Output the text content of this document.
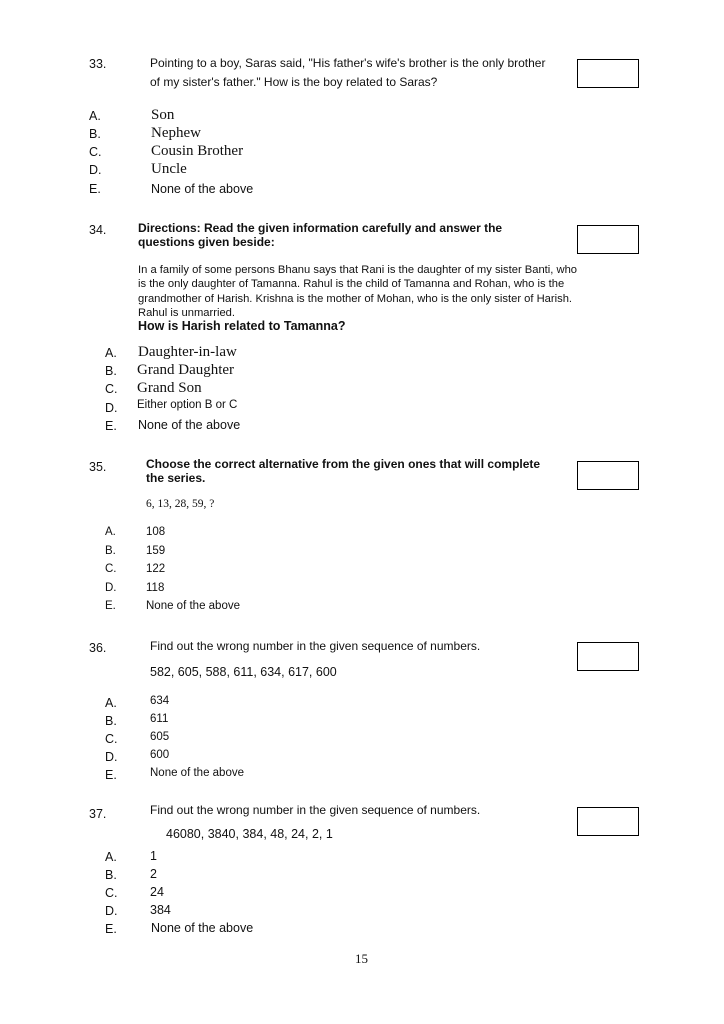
33.	Pointing to a boy, Saras said, "His father's wife's brother is the only brother
of my sister's father." How is the boy related to Saras?
A.	Son
B.	Nephew
C.	Cousin Brother
D.	Uncle
E.	None of the above
34.	Directions: Read the given information carefully and answer the
questions given beside:
In a family of some persons Bhanu says that Rani is the daughter of my sister Banti, who is the only daughter of Tamanna. Rahul is the child of Tamanna and Rohan, who is the grandmother of Harish. Krishna is the mother of Mohan, who is the only sister of Harish. Rahul is unmarried.
How is Harish related to Tamanna?
A. Daughter-in-law
B. Grand Daughter
C. Grand Son
D. Either option B or C
E. None of the above
35.	Choose the correct alternative from the given ones that will complete
the series.
6, 13, 28, 59, ?
A.	108
B.	159
C.	122
D.	118
E.	None of the above
36.	Find out the wrong number in the given sequence of numbers.
582, 605, 588, 611, 634, 617, 600
A.	634
B.	611
C.	605
D.	600
E.	None of the above
37.	Find out the wrong number in the given sequence of numbers.
46080, 3840, 384, 48, 24, 2, 1
A.	1
B.	2
C.	24
D.	384
E.	None of the above
15
